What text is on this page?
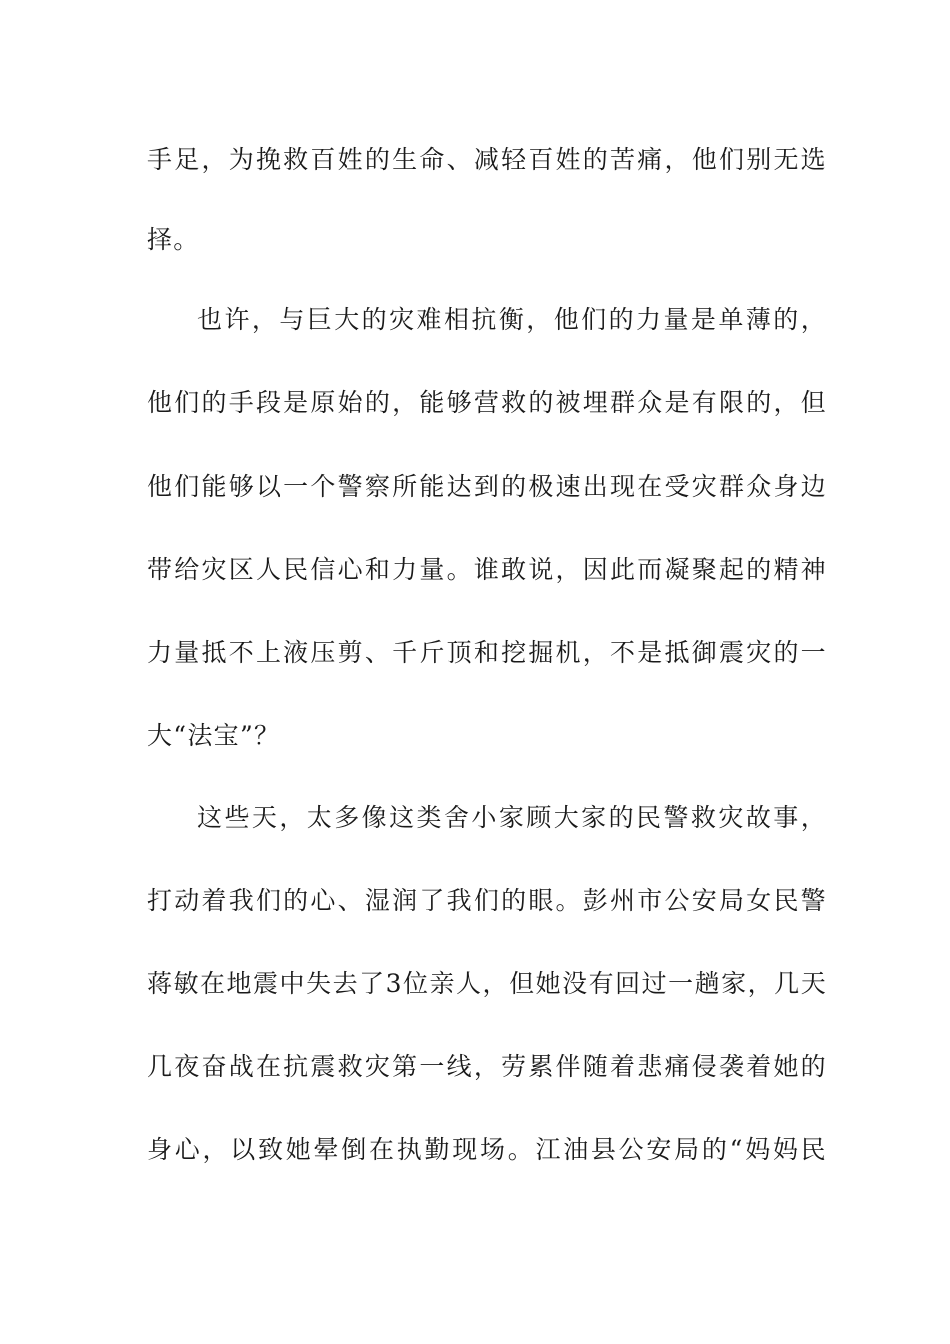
手足，为挽救百姓的生命、减轻百姓的苦痛，他们别无选

择。

也许，与巨大的灾难相抗衡，他们的力量是单薄的，

他们的手段是原始的，能够营救的被埋群众是有限的，但

他们能够以一个警察所能达到的极速出现在受灾群众身边

带给灾区人民信心和力量。谁敢说，因此而凝聚起的精神

力量抵不上液压剪、千斤顶和挖掘机，不是抵御震灾的一

大“法宝”？

这些天，太多像这类舍小家顾大家的民警救灾故事，

打动着我们的心、湿润了我们的眼。彭州市公安局女民警

蒋敏在地震中失去了3位亲人，但她没有回过一趟家，几天

几夜奋战在抗震救灾第一线，劳累伴随着悲痛侵袭着她的

身心，以致她晕倒在执勤现场。江油县公安局的“妈妈民
